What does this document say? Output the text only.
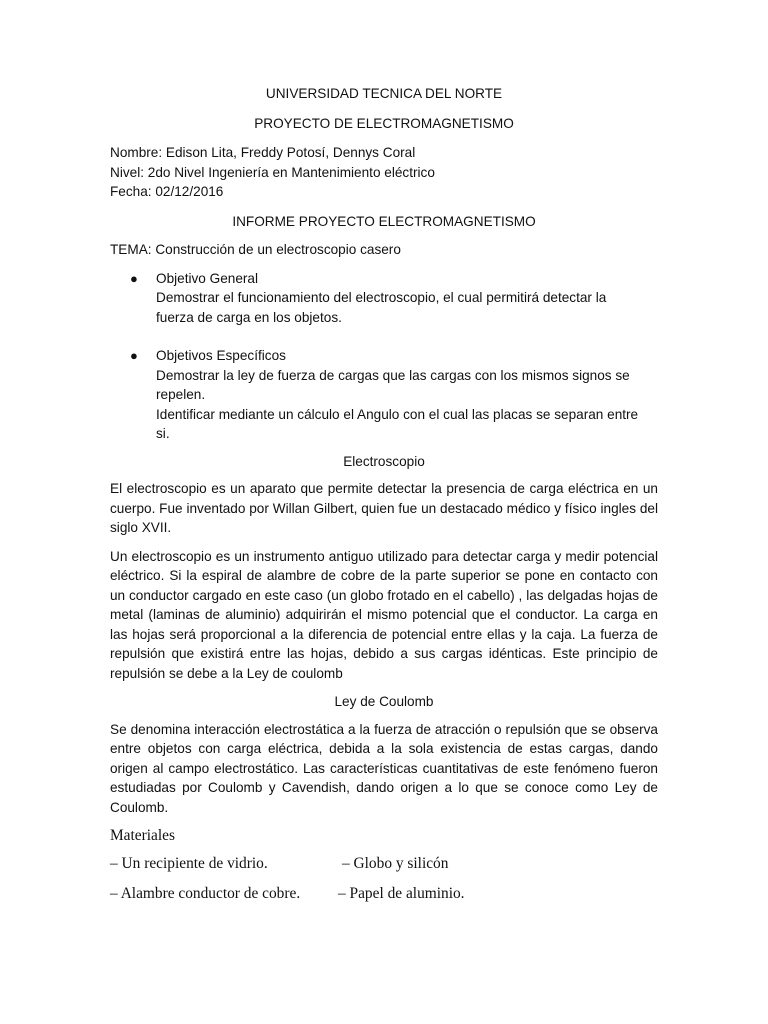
UNIVERSIDAD TECNICA DEL NORTE
PROYECTO DE ELECTROMAGNETISMO
Nombre: Edison Lita, Freddy Potosí, Dennys Coral
Nivel: 2do Nivel Ingeniería en Mantenimiento eléctrico
Fecha: 02/12/2016
INFORME PROYECTO ELECTROMAGNETISMO
TEMA: Construcción de un electroscopio casero
● Objetivo General
Demostrar el funcionamiento del electroscopio, el cual permitirá detectar la
fuerza de carga en los objetos.
● Objetivos Específicos
Demostrar la ley de fuerza de cargas que las cargas con los mismos signos se
repelen.
Identificar mediante un cálculo el Angulo con el cual las placas se separan entre
si.
Electroscopio

El electroscopio es un aparato que permite detectar la presencia de carga eléctrica en un cuerpo. Fue inventado por Willan Gilbert, quien fue un destacado médico y físico ingles del siglo XVII.

Un electroscopio es un instrumento antiguo utilizado para detectar carga y medir potencial eléctrico. Si la espiral de alambre de cobre de la parte superior se pone en contacto con un conductor cargado en este caso (un globo frotado en el cabello) , las delgadas hojas de metal (laminas de aluminio) adquirirán el mismo potencial que el conductor. La carga en las hojas será proporcional a la diferencia de potencial entre ellas y la caja. La fuerza de repulsión que existirá entre las hojas, debido a sus cargas idénticas. Este principio de repulsión se debe a la Ley de coulomb

Ley de Coulomb

Se denomina interacción electrostática a la fuerza de atracción o repulsión que se observa entre objetos con carga eléctrica, debida a la sola existencia de estas cargas, dando origen al campo electrostático. Las características cuantitativas de este fenómeno fueron estudiadas por Coulomb y Cavendish, dando origen a lo que se conoce como Ley de Coulomb.

Materiales
– Un recipiente de vidrio.	– Globo y silicón
– Alambre conductor de cobre. – Papel de aluminio.
